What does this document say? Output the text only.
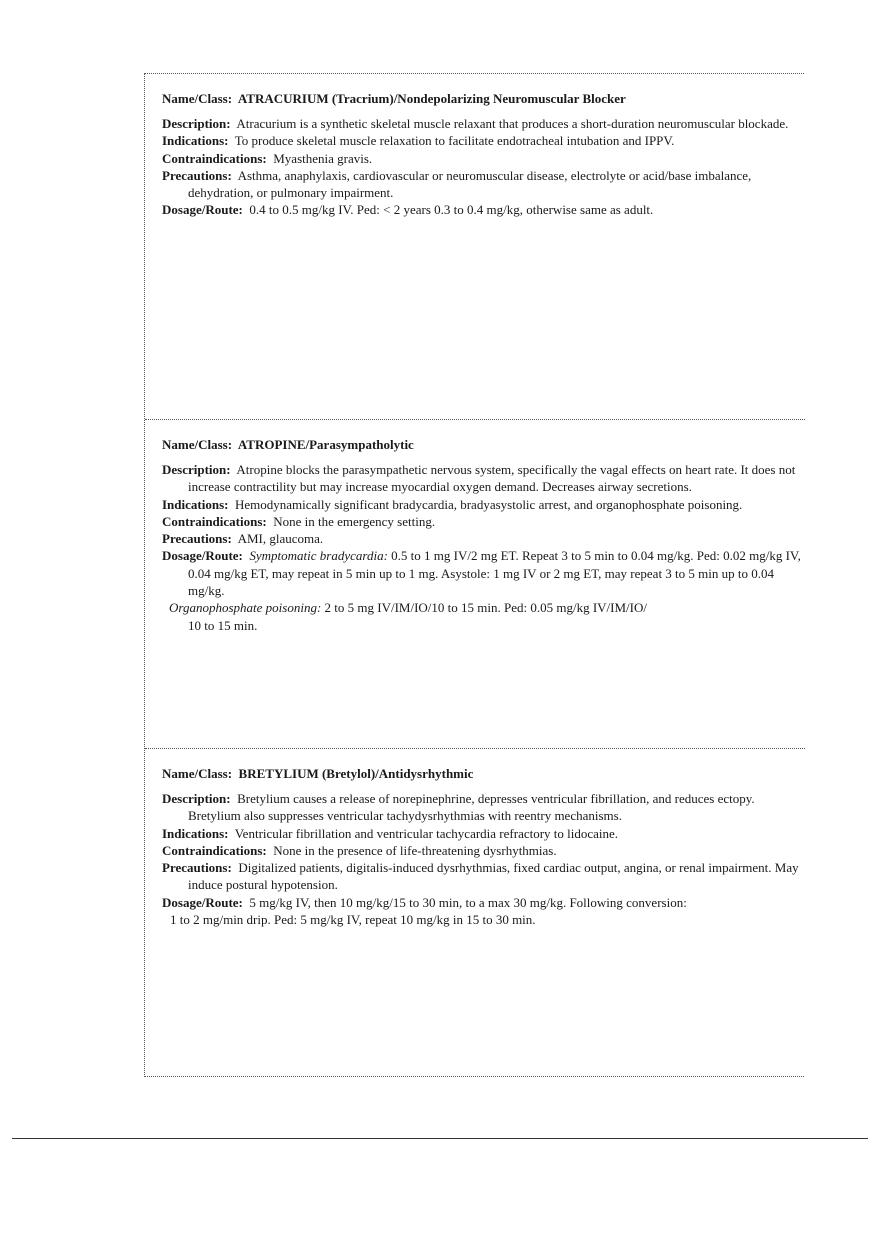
Name/Class: ATRACURIUM (Tracrium)/Nondepolarizing Neuromuscular Blocker

Description: Atracurium is a synthetic skeletal muscle relaxant that produces a short-duration neuromuscular blockade.

Indications: To produce skeletal muscle relaxation to facilitate endotracheal intubation and IPPV.

Contraindications: Myasthenia gravis.

Precautions: Asthma, anaphylaxis, cardiovascular or neuromuscular disease, electrolyte or acid/base imbalance, dehydration, or pulmonary impairment.

Dosage/Route: 0.4 to 0.5 mg/kg IV. Ped: < 2 years 0.3 to 0.4 mg/kg, otherwise same as adult.

Name/Class: ATROPINE/Parasympatholytic

Description: Atropine blocks the parasympathetic nervous system, specifically the vagal effects on heart rate. It does not increase contractility but may increase myocardial oxygen demand. Decreases airway secretions.

Indications: Hemodynamically significant bradycardia, bradyasystolic arrest, and organophosphate poisoning.

Contraindications: None in the emergency setting.

Precautions: AMI, glaucoma.

Dosage/Route: Symptomatic bradycardia: 0.5 to 1 mg IV/2 mg ET. Repeat 3 to 5 min to 0.04 mg/kg. Ped: 0.02 mg/kg IV, 0.04 mg/kg ET, may repeat in 5 min up to 1 mg. Asystole: 1 mg IV or 2 mg ET, may repeat 3 to 5 min up to 0.04 mg/kg.

Organophosphate poisoning: 2 to 5 mg IV/IM/IO/10 to 15 min. Ped: 0.05 mg/kg IV/IM/IO/

10 to 15 min.

Name/Class: BRETYLIUM (Bretylol)/Antidysrhythmic

Description: Bretylium causes a release of norepinephrine, depresses ventricular fibrillation, and reduces ectopy. Bretylium also suppresses ventricular tachydysrhythmias with reentry mechanisms.

Indications: Ventricular fibrillation and ventricular tachycardia refractory to lidocaine.

Contraindications: None in the presence of life-threatening dysrhythmias.

Precautions: Digitalized patients, digitalis-induced dysrhythmias, fixed cardiac output, angina, or renal impairment. May induce postural hypotension.

Dosage/Route: 5 mg/kg IV, then 10 mg/kg/15 to 30 min, to a max 30 mg/kg. Following conversion:

1 to 2 mg/min drip. Ped: 5 mg/kg IV, repeat 10 mg/kg in 15 to 30 min.
